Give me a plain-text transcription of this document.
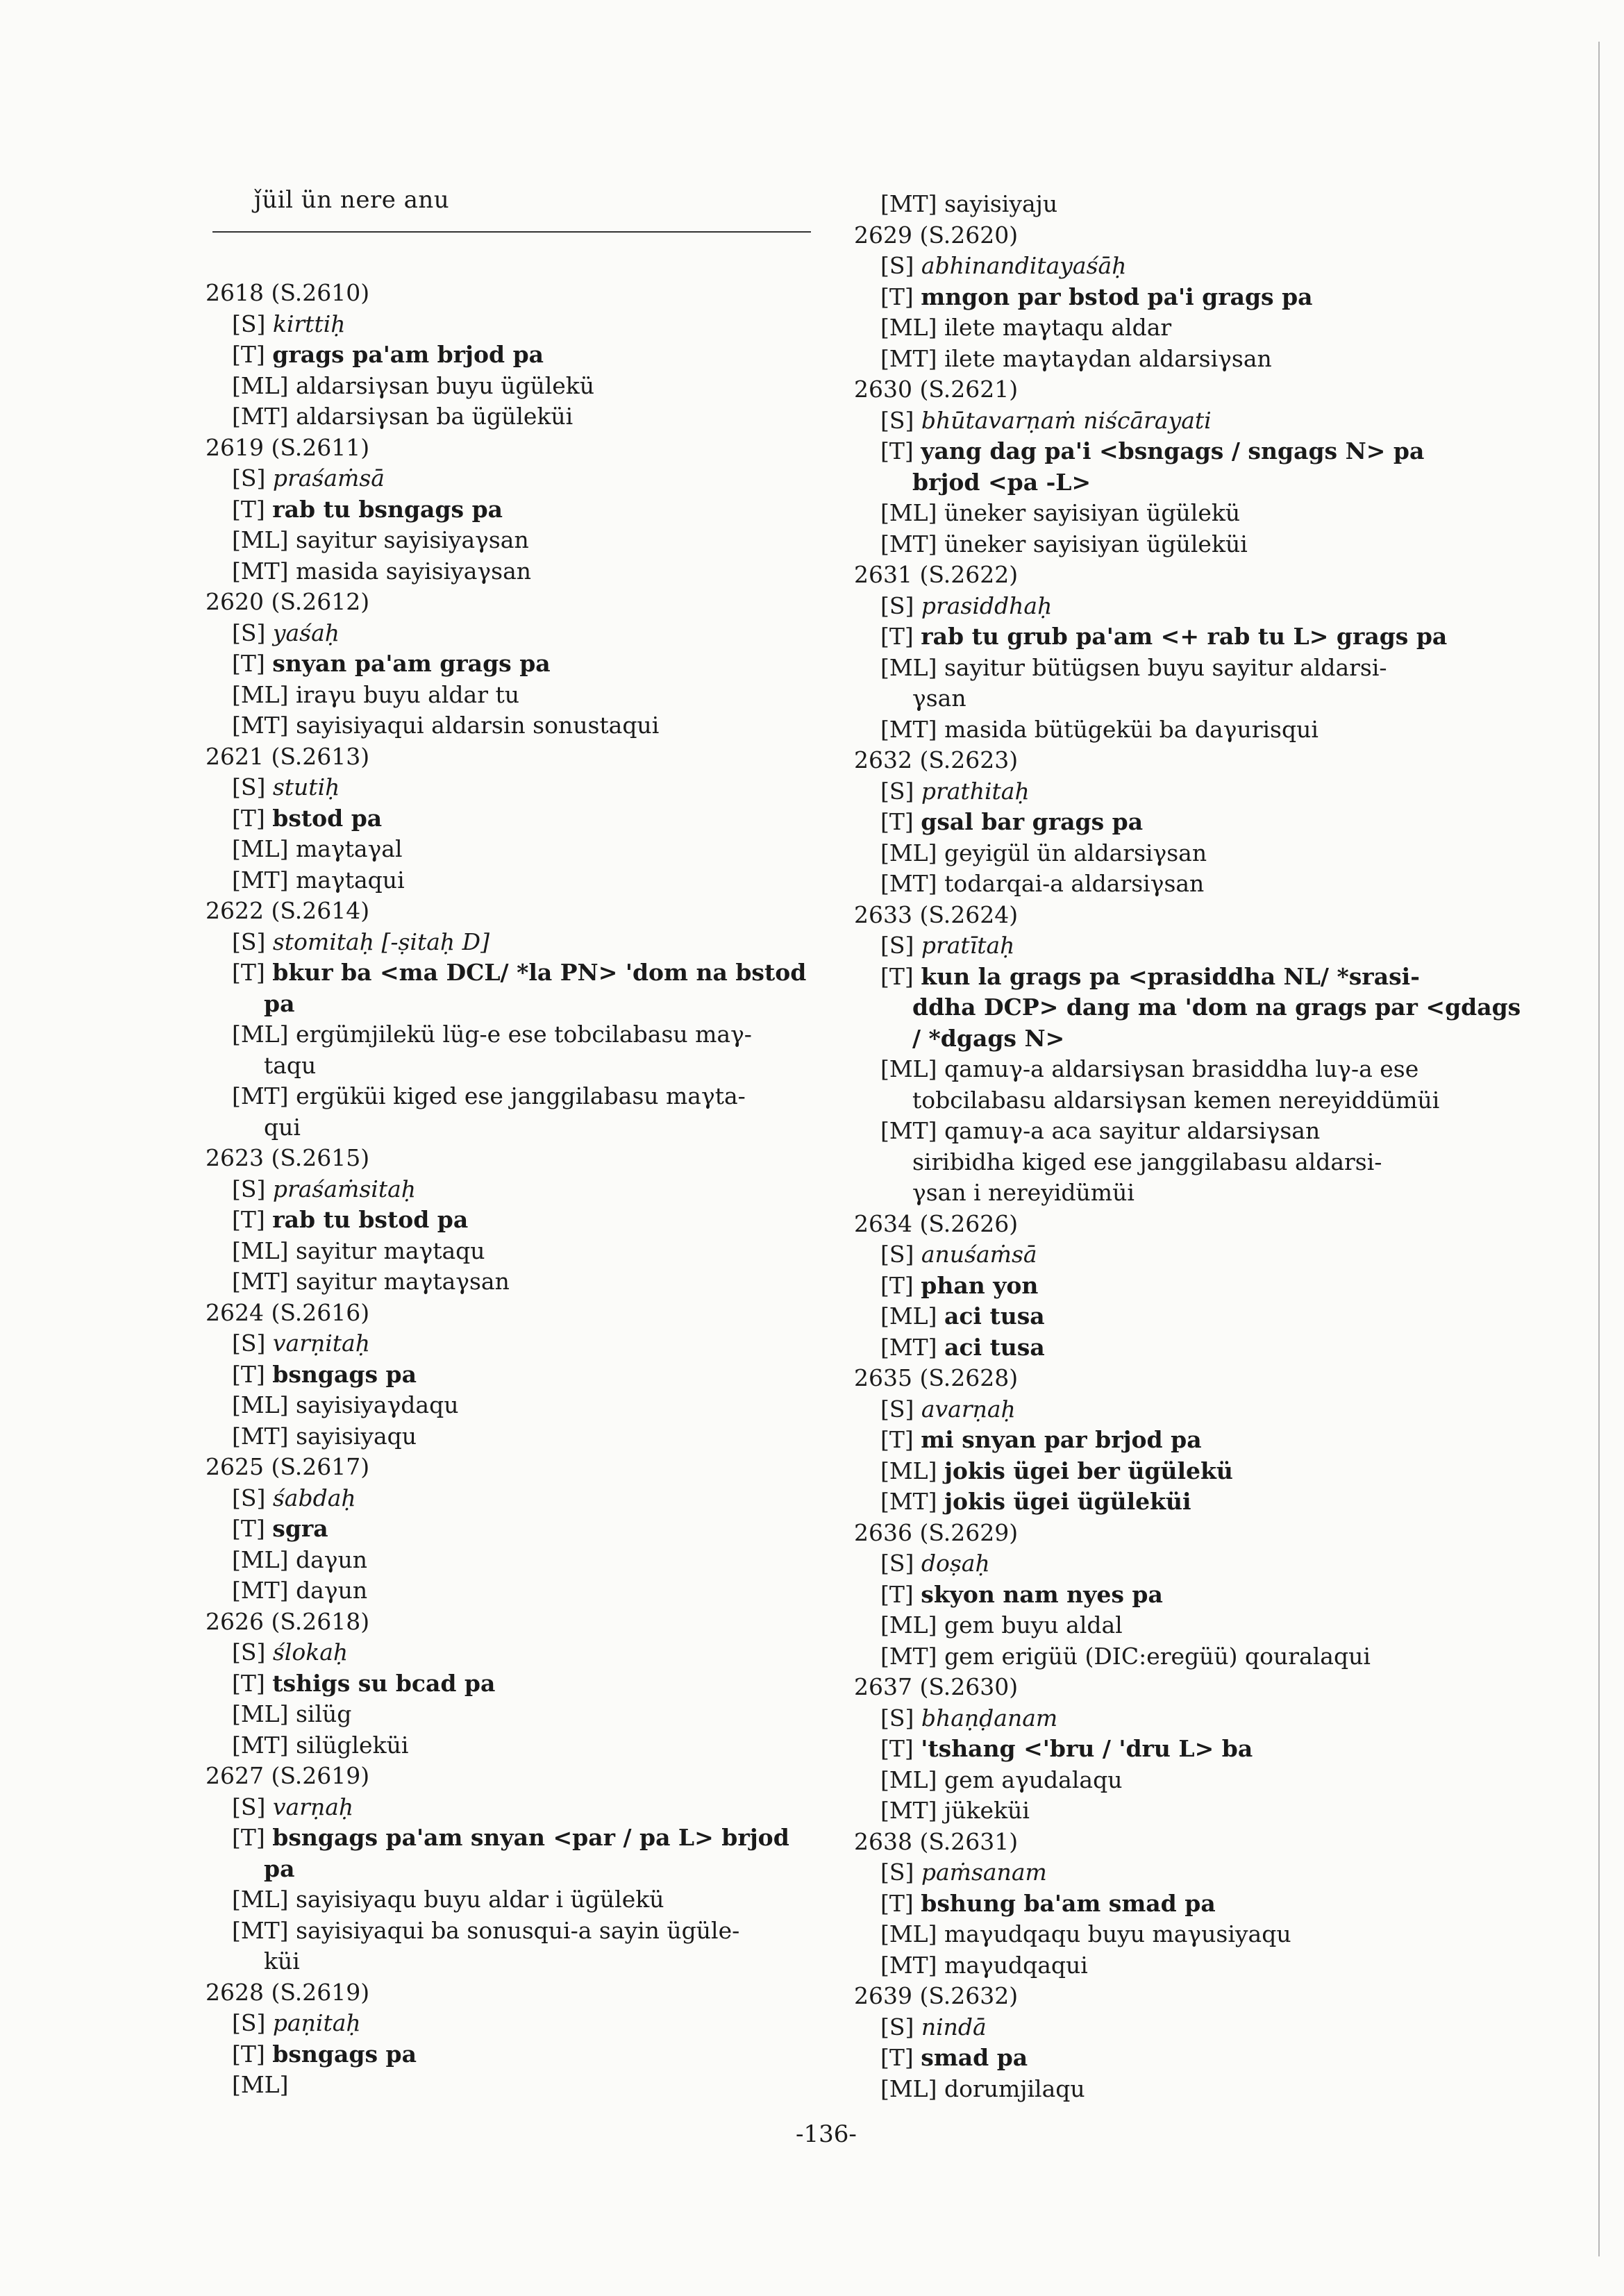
ǰüil ün nere anu
2618 (S.2610)
[S] kirttiḥ
[T] grags pa'am brjod pa
[ML] aldarsiγsan buyu ügülekü
[MT] aldarsiγsan ba ügüleküi
2619 (S.2611)
[S] praśaṁsā
[T] rab tu bsngags pa
[ML] sayitur sayisiyaγsan
[MT] masida sayisiyaγsan
2620 (S.2612)
[S] yaśaḥ
[T] snyan pa'am grags pa
[ML] iraγu buyu aldar tu
[MT] sayisiyaqui aldarsin sonustaqui
2621 (S.2613)
[S] stutiḥ
[T] bstod pa
[ML] maγtaγal
[MT] maγtaqui
2622 (S.2614)
[S] stomitaḥ [-ṣitaḥ D]
[T] bkur ba <ma DCL/ *la PN> 'dom na bstod
pa
[ML] ergümjilekü lüg-e ese tobcilabasu maγ-
taqu
[MT] ergüküi kiged ese janggilabasu maγta-
qui
2623 (S.2615)
[S] praśaṁsitaḥ
[T] rab tu bstod pa
[ML] sayitur maγtaqu
[MT] sayitur maγtaγsan
2624 (S.2616)
[S] varṇitaḥ
[T] bsngags pa
[ML] sayisiyaγdaqu
[MT] sayisiyaqu
2625 (S.2617)
[S] śabdaḥ
[T] sgra
[ML] daγun
[MT] daγun
2626 (S.2618)
[S] ślokaḥ
[T] tshigs su bcad pa
[ML] silüg
[MT] silügleküi
2627 (S.2619)
[S] varṇaḥ
[T] bsngags pa'am snyan <par / pa L> brjod
pa
[ML] sayisiyaqu buyu aldar i ügülekü
[MT] sayisiyaqui ba sonusqui-a sayin ügüle-
küi
2628 (S.2619)
[S] paṇitaḥ
[T] bsngags pa
[ML]
[MT] sayisiyaju
2629 (S.2620)
[S] abhinanditayaśāḥ
[T] mngon par bstod pa'i grags pa
[ML] ilete maγtaqu aldar
[MT] ilete maγtaγdan aldarsiγsan
2630 (S.2621)
[S] bhūtavarṇaṁ niścārayati
[T] yang dag pa'i <bsngags / sngags N> pa
brjod <pa -L>
[ML] üneker sayisiyan ügülekü
[MT] üneker sayisiyan ügüleküi
2631 (S.2622)
[S] prasiddhaḥ
[T] rab tu grub pa'am <+ rab tu L> grags pa
[ML] sayitur bütügsen buyu sayitur aldarsi-
γsan
[MT] masida bütügeküi ba daγurisqui
2632 (S.2623)
[S] prathitaḥ
[T] gsal bar grags pa
[ML] geyigül ün aldarsiγsan
[MT] todarqai-a aldarsiγsan
2633 (S.2624)
[S] pratītaḥ
[T] kun la grags pa <prasiddha NL/ *srasi-
ddha DCP> dang ma 'dom na grags par <gdags
/ *dgags N>
[ML] qamuγ-a aldarsiγsan brasiddha luγ-a ese
tobcilabasu aldarsiγsan kemen nereyiddümüi
[MT] qamuγ-a aca sayitur aldarsiγsan
siribidha kiged ese janggilabasu aldarsi-
γsan i nereyidümüi
2634 (S.2626)
[S] anuśaṁsā
[T] phan yon
[ML] aci tusa
[MT] aci tusa
2635 (S.2628)
[S] avarṇaḥ
[T] mi snyan par brjod pa
[ML] jokis ügei ber ügülekü
[MT] jokis ügei ügüleküi
2636 (S.2629)
[S] doṣaḥ
[T] skyon nam nyes pa
[ML] gem buyu aldal
[MT] gem erigüü (DIC:eregüü) qouralaqui
2637 (S.2630)
[S] bhaṇḍanam
[T] 'tshang <'bru / 'dru L> ba
[ML] gem aγudalaqu
[MT] jükeküi
2638 (S.2631)
[S] paṁsanam
[T] bshung ba'am smad pa
[ML] maγudqaqu buyu maγusiyaqu
[MT] maγudqaqui
2639 (S.2632)
[S] nindā
[T] smad pa
[ML] dorumjilaqu
-136-
